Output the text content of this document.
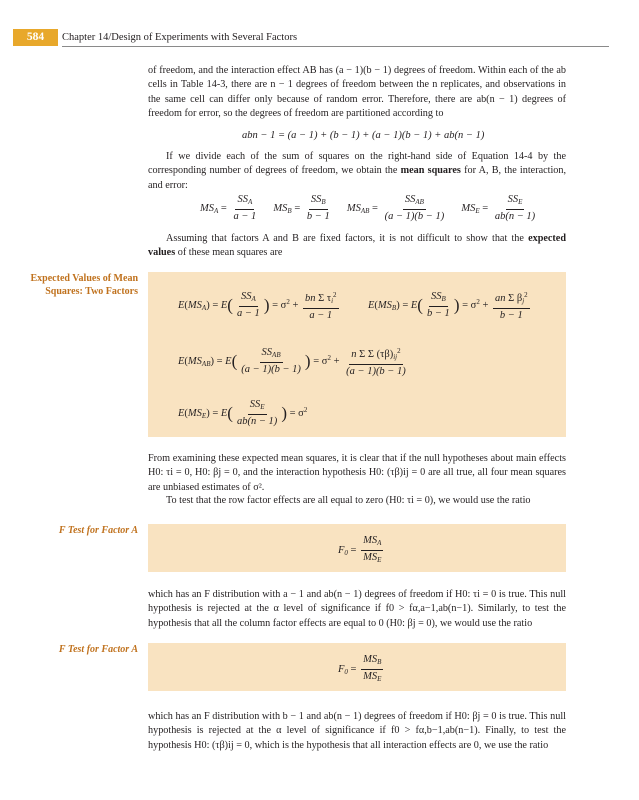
584	Chapter 14/Design of Experiments with Several Factors

of freedom, and the interaction effect AB has (a − 1)(b − 1) degrees of freedom. Within each of the ab cells in Table 14-3, there are n − 1 degrees of freedom between the n replicates, and observations in the same cell can differ only because of random error. Therefore, there are ab(n − 1) degrees of freedom for error, so the degrees of freedom are partitioned according to

abn − 1 = (a − 1) + (b − 1) + (a − 1)(b − 1) + ab(n − 1)

If we divide each of the sum of squares on the right-hand side of Equation 14-4 by the corresponding number of degrees of freedom, we obtain the mean squares for A, B, the interaction, and error:

$MS_A = \frac{SS_A}{a - 1} MS_B = \frac{SS_B}{b - 1} MS_{AB} = \frac{SS_{AB}}{(a - 1)(b - 1)} MS_E = \frac{SS_E}{ab(n - 1)}$

Assuming that factors A and B are fixed factors, it is not difficult to show that the expected values of these mean squares are

Expected Values of Mean Squares: Two Factors
$E(MS_A) = E( \frac{SS_A}{a - 1}$ ) = $\sigma^2 + \frac{bn \Sigma \tau_i^2}{a - 1}$	$E(MS_B) = E( \frac{SS_B}{b - 1}$ ) = $\sigma^2 + \frac{an \Sigma \beta_j^2}{b - 1}$
$E(MS_{AB}) = E( \frac{SS_{AB}}{(a - 1)(b - 1)}$ ) = $\sigma^2 + \frac{n \Sigma \Sigma (\tau\beta)_{ij}^2}{(a - 1)(b - 1)}$
$E(MS_E) = E( \frac{SS_E}{ab(n - 1)}$ ) = $\sigma^2$

From examining these expected mean squares, it is clear that if the null hypotheses about main effects H0: τi = 0, H0: βj = 0, and the interaction hypothesis H0: (τβ)ij = 0 are all true, all four mean squares are unbiased estimates of σ².

To test that the row factor effects are all equal to zero (H0: τi = 0), we would use the ratio

F Test for Factor A
$F_0 = \frac{MS_A}{MS_E}$

which has an F distribution with a − 1 and ab(n − 1) degrees of freedom if H0: τi = 0 is true. This null hypothesis is rejected at the α level of significance if f0 > fα,a−1,ab(n−1). Similarly, to test the hypothesis that all the column factor effects are equal to 0 (H0: βj = 0), we would use the ratio

F Test for Factor A
$F_0 = \frac{MS_B}{MS_E}$

which has an F distribution with b − 1 and ab(n − 1) degrees of freedom if H0: βj = 0 is true. This null hypothesis is rejected at the α level of significance if f0 > fα,b−1,ab(n−1). Finally, to test the hypothesis H0: (τβ)ij = 0, which is the hypothesis that all interaction effects are 0, we use the ratio
